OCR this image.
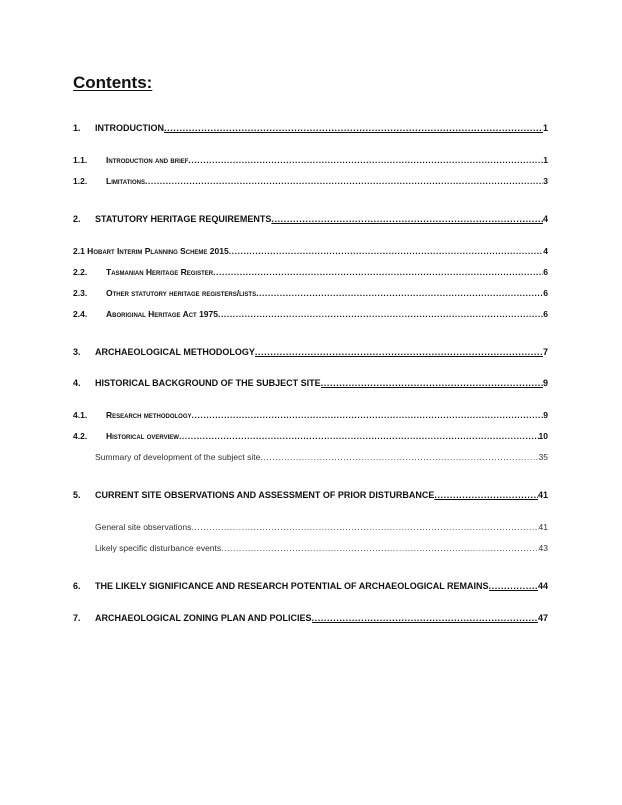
Contents:
1. INTRODUCTION .....	1
1.1. Introduction and brief .....	1
1.2. Limitations .....	3
2. STATUTORY HERITAGE REQUIREMENTS .....	4
2.1 Hobart Interim Planning Scheme 2015 .....	4
2.2. Tasmanian Heritage Register .....	6
2.3. Other statutory heritage registers/lists .....	6
2.4. Aboriginal Heritage Act 1975 .....	6
3. ARCHAEOLOGICAL METHODOLOGY .....	7
4. HISTORICAL BACKGROUND OF THE SUBJECT SITE .....	9
4.1. Research methodology .....	9
4.2. Historical overview .....	10
Summary of development of the subject site .....	35
5. CURRENT SITE OBSERVATIONS AND ASSESSMENT OF PRIOR DISTURBANCE .....	41
General site observations .....	41
Likely specific disturbance events .....	43
6. THE LIKELY SIGNIFICANCE AND RESEARCH POTENTIAL OF ARCHAEOLOGICAL REMAINS .....	44
7. ARCHAEOLOGICAL ZONING PLAN AND POLICIES .....	47
